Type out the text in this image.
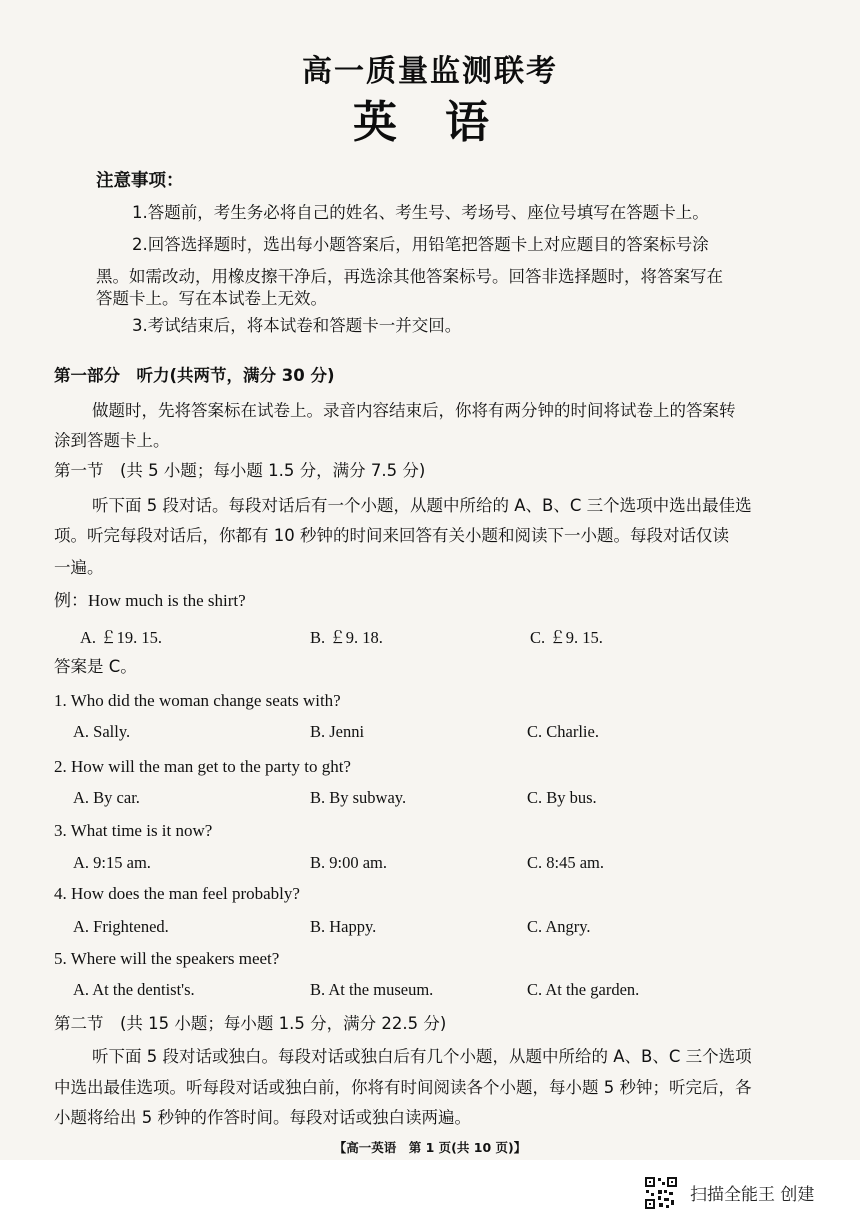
高一质量监测联考
英语
注意事项：
1.答题前，考生务必将自己的姓名、考生号、考场号、座位号填写在答题卡上。
2.回答选择题时，选出每小题答案后，用铅笔把答题卡上对应题目的答案标号涂
黑。如需改动，用橡皮擦干净后，再选涂其他答案标号。回答非选择题时，将答案写在
答题卡上。写在本试卷上无效。
3.考试结束后，将本试卷和答题卡一并交回。
第一部分　听力(共两节，满分 30 分)
做题时，先将答案标在试卷上。录音内容结束后，你将有两分钟的时间将试卷上的答案转
涂到答题卡上。
第一节　(共 5 小题；每小题 1.5 分，满分 7.5 分)
听下面 5 段对话。每段对话后有一个小题，从题中所给的 A、B、C 三个选项中选出最佳选
项。听完每段对话后，你都有 10 秒钟的时间来回答有关小题和阅读下一小题。每段对话仅读
一遍。
例：How much is the shirt?
A. ￡19. 15.	B. ￡9. 18.	C. ￡9. 15.
答案是 C。
1. Who did the woman change seats with?
A. Sally.	B. Jenni	C. Charlie.
2. How will the man get to the party to ght?
A. By car.	B. By subway.	C. By bus.
3. What time is it now?
A. 9:15 am.	B. 9:00 am.	C. 8:45 am.
4. How does the man feel probably?
A. Frightened.	B. Happy.	C. Angry.
5. Where will the speakers meet?
A. At the dentist's.	B. At the museum.	C. At the garden.
第二节　(共 15 小题；每小题 1.5 分，满分 22.5 分)
听下面 5 段对话或独白。每段对话或独白后有几个小题，从题中所给的 A、B、C 三个选项
中选出最佳选项。听每段对话或独白前，你将有时间阅读各个小题，每小题 5 秒钟；听完后，各
小题将给出 5 秒钟的作答时间。每段对话或独白读两遍。
【高一英语　第 1 页(共 10 页)】
扫描全能王 创建
